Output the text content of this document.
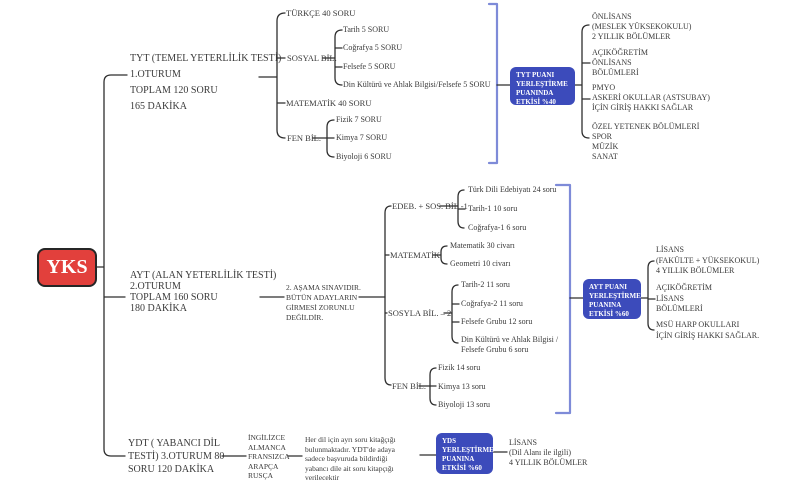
YKS
TYT (TEMEL YETERLİLİK TESTİ)
1.OTURUM
TOPLAM 120 SORU
165 DAKİKA
TÜRKÇE 40 SORU
SOSYAL BİL.
MATEMATİK 40 SORU
FEN BİL.
Tarih 5 SORU
Coğrafya 5 SORU
Felsefe 5 SORU
Din Kültürü ve Ahlak Bilgisi/Felsefe 5 SORU
Fizik 7 SORU
Kimya 7 SORU
Biyoloji 6 SORU
TYT PUANI
YERLEŞTİRME
PUANINDA
ETKİSİ %40
ÖNLİSANS
(MESLEK YÜKSEKOKULU)
2 YILLIK BÖLÜMLER
AÇIKÖĞRETİM
ÖNLİSANS
BÖLÜMLERİ
PMYO
ASKERİ OKULLAR (ASTSUBAY)
İÇİN GİRİŞ HAKKI SAĞLAR
ÖZEL YETENEK BÖLÜMLERİ
SPOR
MÜZİK
SANAT
AYT (ALAN YETERLİLİK TESTİ)
2.OTURUM
TOPLAM 160 SORU
180 DAKİKA
2. AŞAMA SINAVIDIR.
BÜTÜN ADAYLARIN
GİRMESİ ZORUNLU
DEĞİLDİR.
EDEB. + SOS. BİL -1
MATEMATİK
SOSYLA BİL. – 2
FEN BİL.
Türk Dili Edebiyatı 24 soru
Tarih-1 10 soru
Coğrafya-1 6 soru
Matematik 30 civarı
Geometri 10 civarı
Tarih-2 11 soru
Coğrafya-2 11 soru
Felsefe Grubu 12 soru
Din Kültürü ve Ahlak Bilgisi /
Felsefe Grubu 6 soru
Fizik 14 soru
Kimya 13 soru
Biyoloji 13 soru
AYT PUANI
YERLEŞTİRME
PUANINA
ETKİSİ %60
LİSANS
(FAKÜLTE + YÜKSEKOKUL)
4 YILLIK BÖLÜMLER
AÇIKÖĞRETİM
LİSANS
BÖLÜMLERİ
MSÜ HARP OKULLARI
İÇİN GİRİŞ HAKKI SAĞLAR.
YDT ( YABANCI DİL
TESTİ) 3.OTURUM 80
SORU 120 DAKİKA
İNGİLİZCE
ALMANCA
FRANSIZCA
ARAPÇA
RUSÇA
Her dil için ayrı soru kitağçığı
bulunmaktadır. YDT'de adaya
sadece başvuruda bildirdiği
yabancı dile ait soru kitapçığı
verilecektir
YDS
YERLEŞTİRME
PUANINA
ETKİSİ %60
LİSANS
(Dil Alanı ile ilgili)
4 YILLIK BÖLÜMLER
